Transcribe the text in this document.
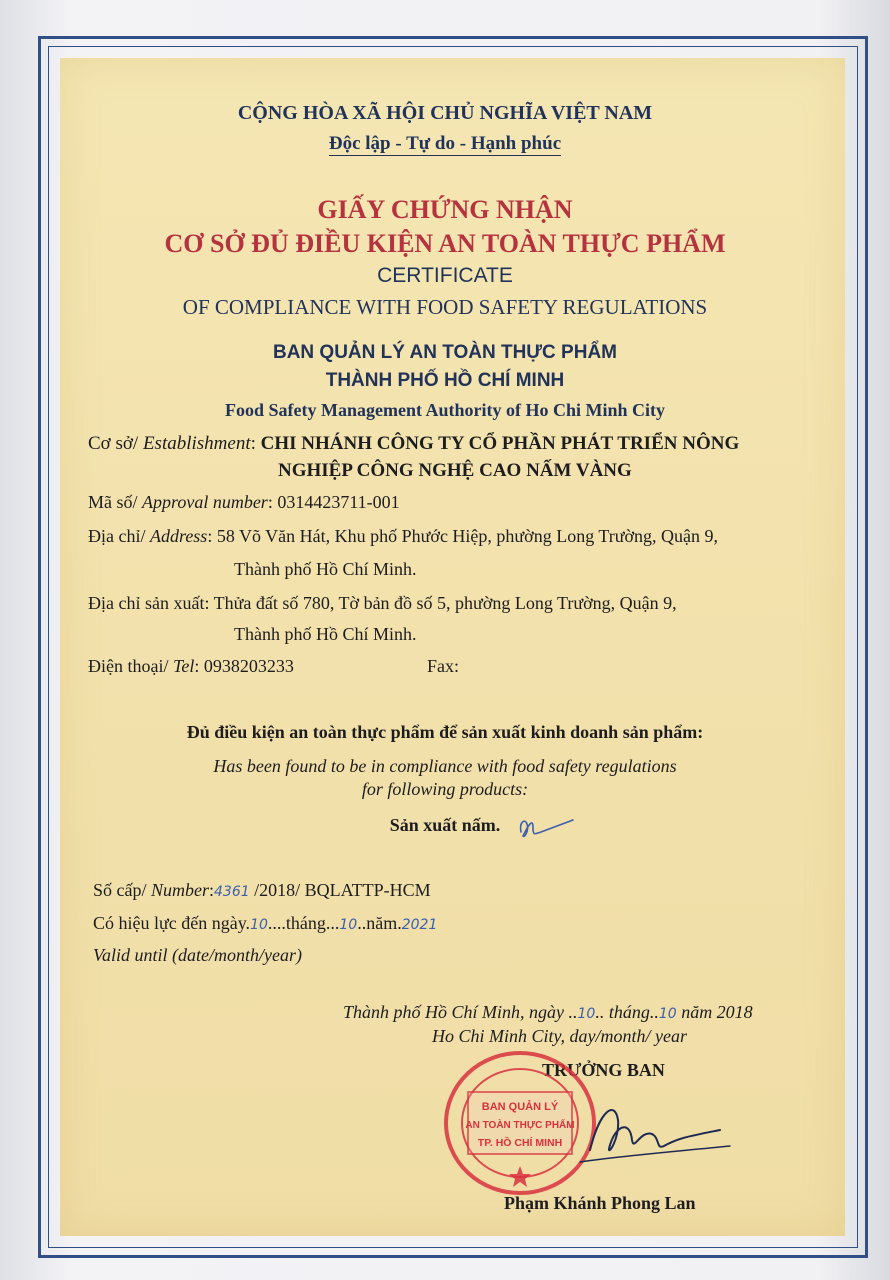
CỘNG HÒA XÃ HỘI CHỦ NGHĨA VIỆT NAM
Độc lập - Tự do - Hạnh phúc
GIẤY CHỨNG NHẬN
CƠ SỞ ĐỦ ĐIỀU KIỆN AN TOÀN THỰC PHẨM
CERTIFICATE
OF COMPLIANCE WITH FOOD SAFETY REGULATIONS
BAN QUẢN LÝ AN TOÀN THỰC PHẨM
THÀNH PHỐ HỒ CHÍ MINH
Food Safety Management Authority of Ho Chi Minh City
Cơ sở/ Establishment: CHI NHÁNH CÔNG TY CỔ PHẦN PHÁT TRIỂN NÔNG
NGHIỆP CÔNG NGHỆ CAO NẤM VÀNG
Mã số/ Approval number: 0314423711-001
Địa chỉ/ Address: 58 Võ Văn Hát, Khu phố Phước Hiệp, phường Long Trường, Quận 9,
Thành phố Hồ Chí Minh.
Địa chỉ sản xuất: Thửa đất số 780, Tờ bản đồ số 5, phường Long Trường, Quận 9,
Thành phố Hồ Chí Minh.
Điện thoại/ Tel: 0938203233	Fax:
Đủ điều kiện an toàn thực phẩm để sản xuất kinh doanh sản phẩm:
Has been found to be in compliance with food safety regulations
for following products:
Sản xuất nấm.
Số cấp/ Number:4361 /2018/ BQLATTP-HCM
Có hiệu lực đến ngày.10....tháng...10..năm.2021
Valid until (date/month/year)
Thành phố Hồ Chí Minh, ngày ..10.. tháng..10 năm 2018
Ho Chi Minh City, day/month/ year
TRƯỞNG BAN
BAN QUẢN LÝ
AN TOÀN THỰC PHẨM
TP. HỒ CHÍ MINH
Phạm Khánh Phong Lan
